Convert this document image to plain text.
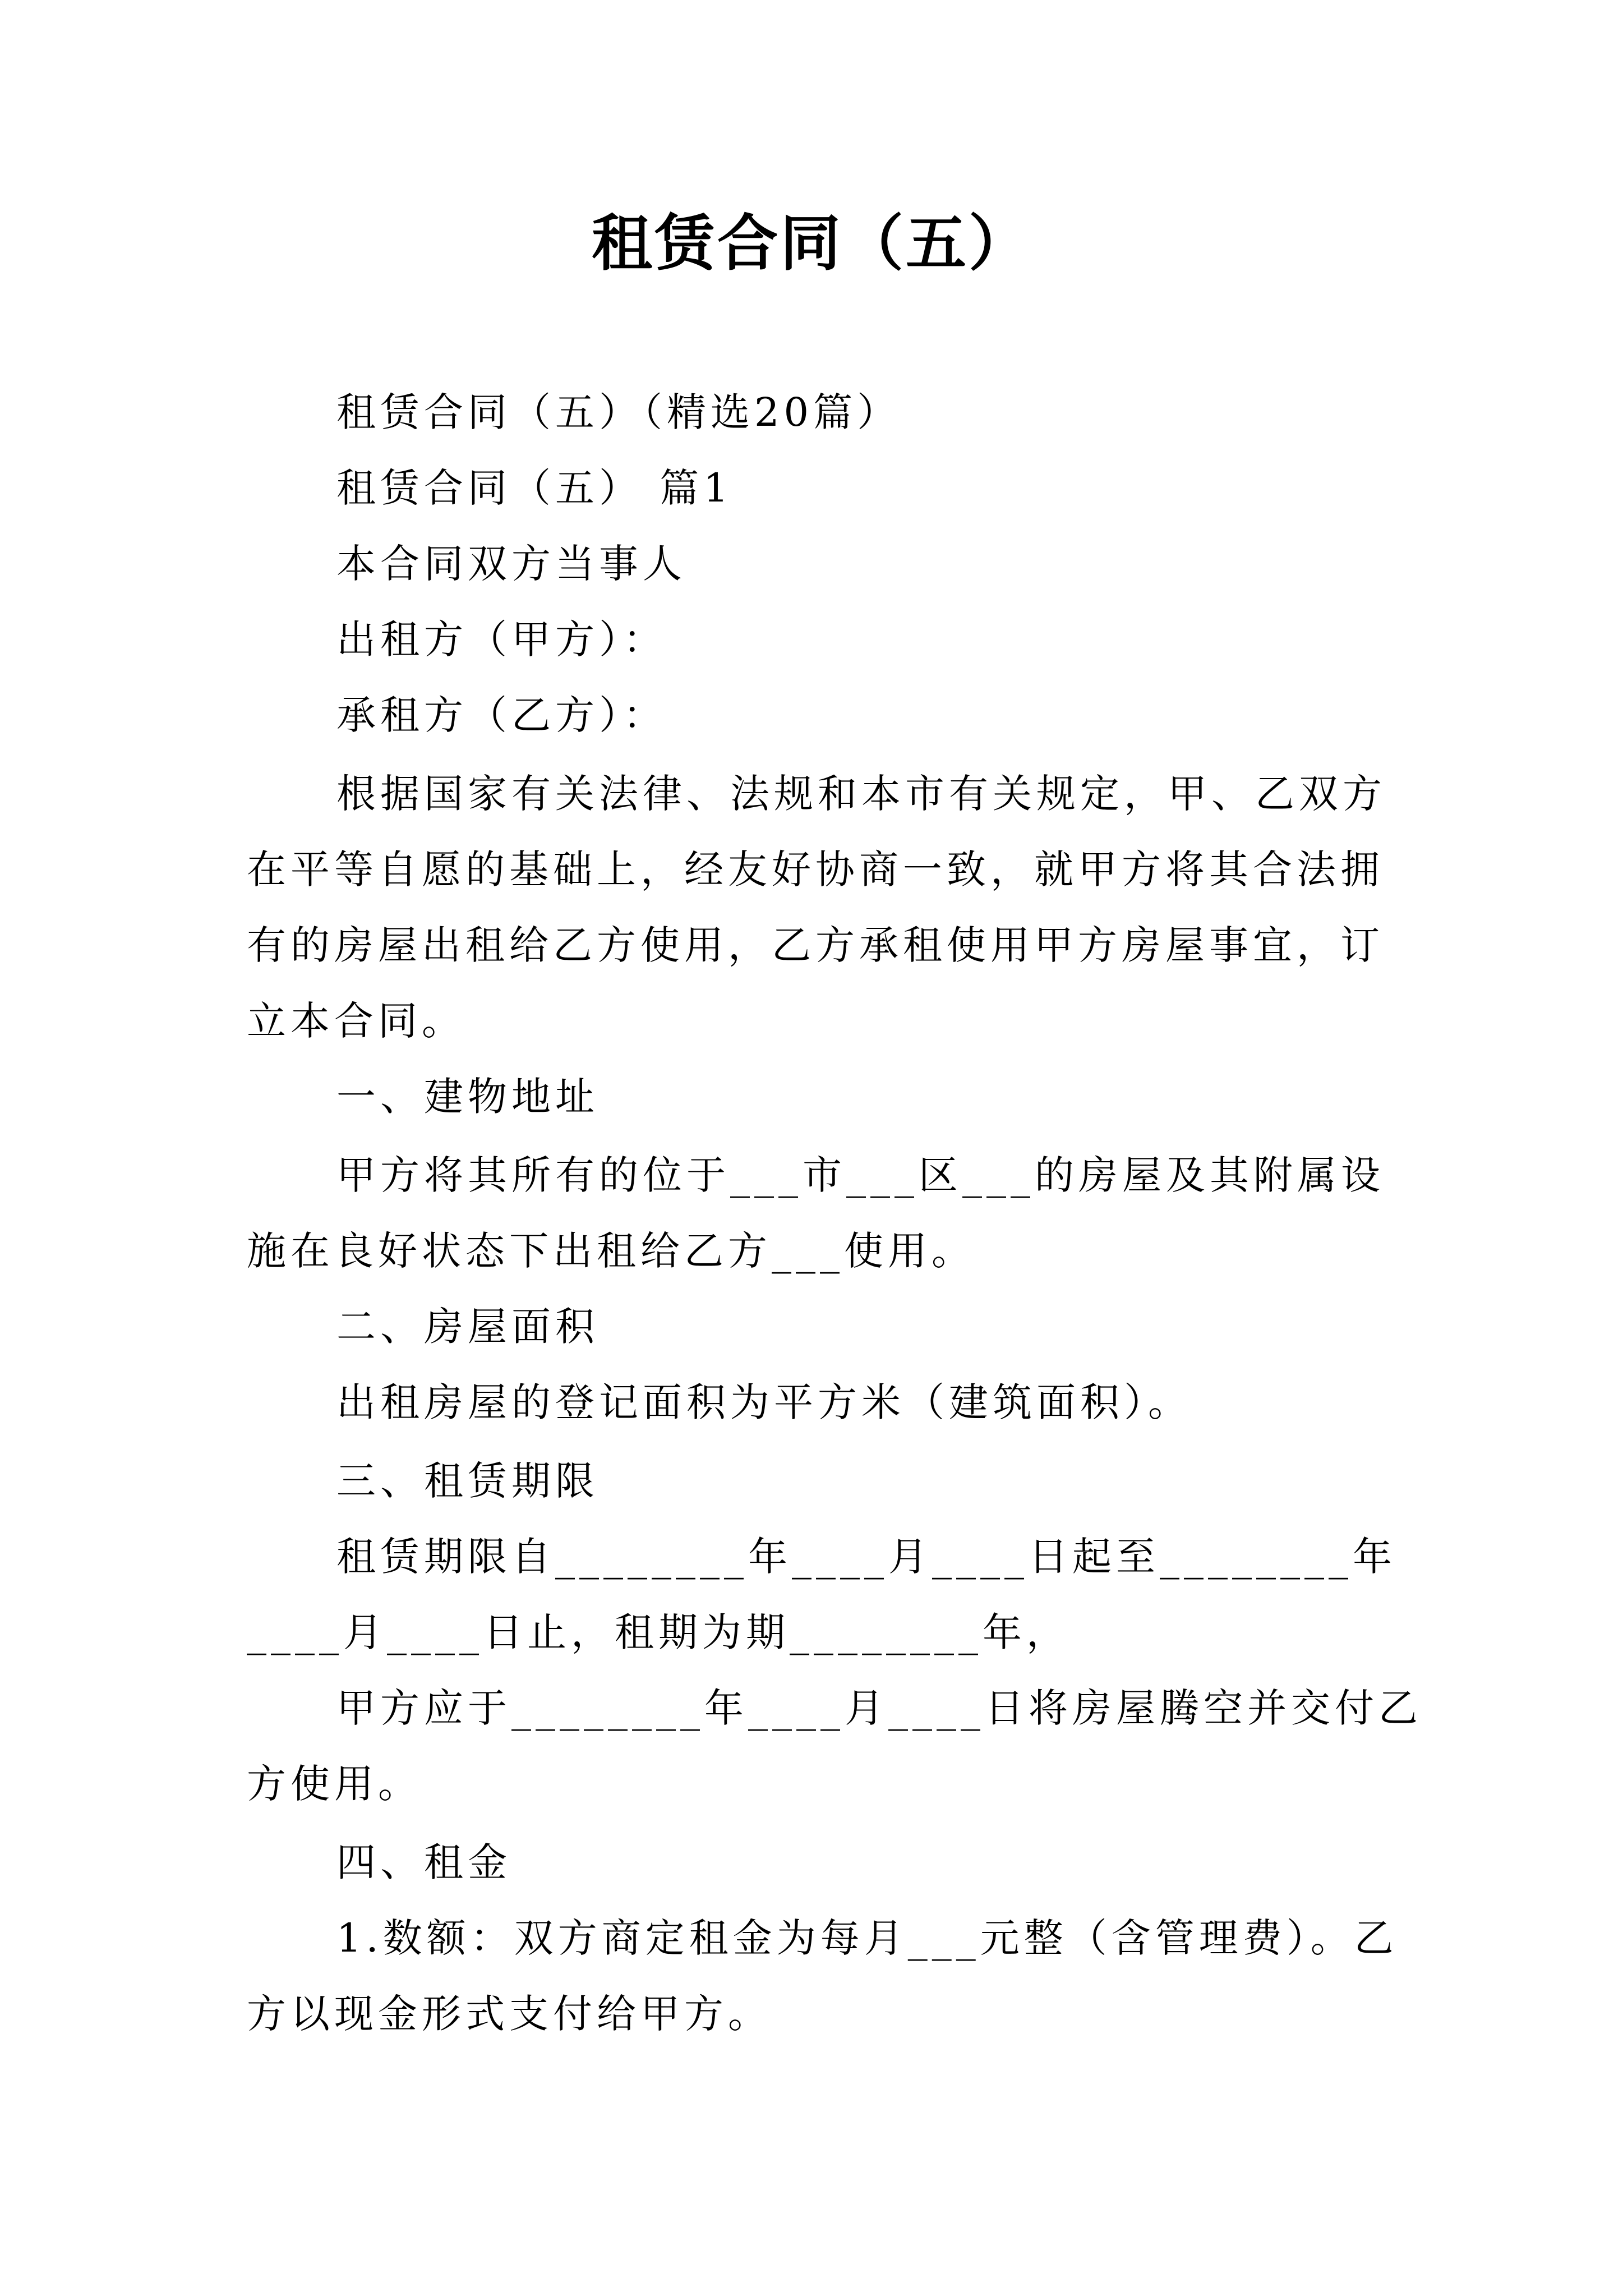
租赁合同（五）
租赁合同（五）（精选20篇）
租赁合同（五） 篇1
本合同双方当事人
出租方（甲方）：
承租方（乙方）：
根据国家有关法律、法规和本市有关规定，甲、乙双方
在平等自愿的基础上，经友好协商一致，就甲方将其合法拥
有的房屋出租给乙方使用，乙方承租使用甲方房屋事宜，订
立本合同。
一、建物地址
甲方将其所有的位于___市___区___的房屋及其附属设
施在良好状态下出租给乙方___使用。
二、房屋面积
出租房屋的登记面积为平方米（建筑面积）。
三、租赁期限
租赁期限自________年____月____日起至________年
____月____日止，租期为期________年，
甲方应于________年____月____日将房屋腾空并交付乙
方使用。
四、租金
1.数额：双方商定租金为每月___元整（含管理费）。乙
方以现金形式支付给甲方。
